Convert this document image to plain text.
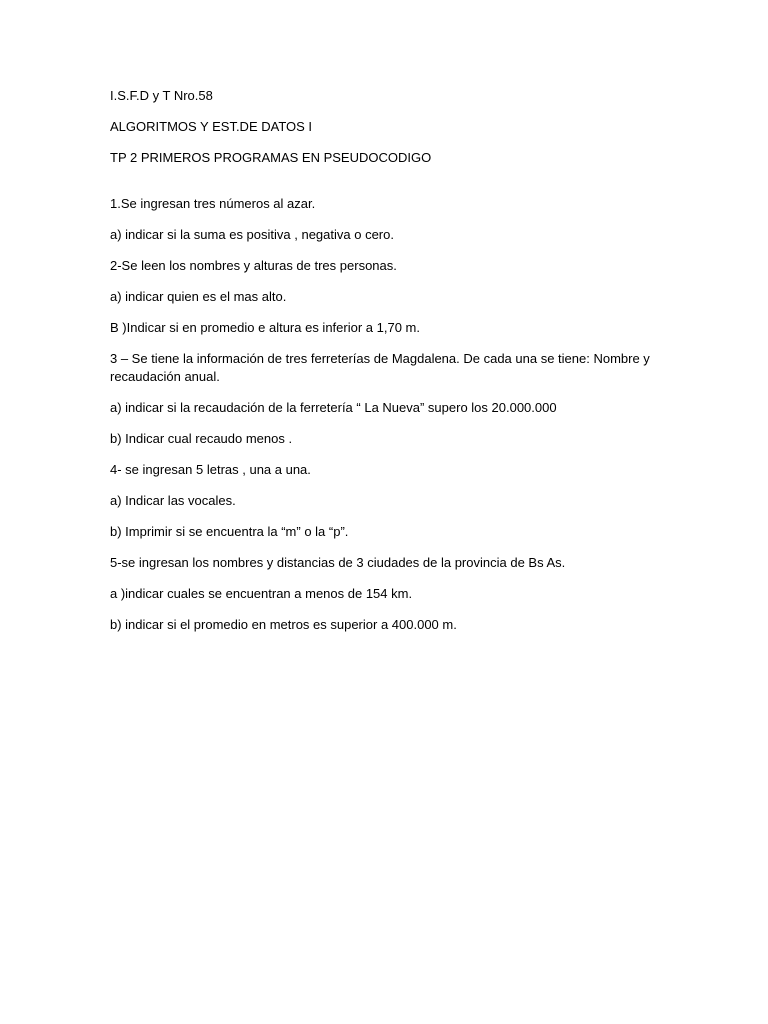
I.S.F.D y T Nro.58

ALGORITMOS Y EST.DE DATOS I

TP 2 PRIMEROS PROGRAMAS EN PSEUDOCODIGO

1.Se ingresan tres números al azar.

a) indicar si la suma es positiva , negativa o cero.

2-Se leen los nombres y alturas de tres personas.

a) indicar quien es el mas alto.

B )Indicar si en promedio e altura es inferior a 1,70 m.

3 – Se tiene la información de tres ferreterías de Magdalena. De cada una se tiene: Nombre y recaudación anual.

a) indicar si la recaudación de la ferretería “ La Nueva” supero los 20.000.000

b) Indicar cual recaudo menos .

4- se ingresan 5 letras , una a una.

a) Indicar las vocales.

b) Imprimir si se encuentra la “m” o la “p”.

5-se ingresan los nombres y distancias de 3 ciudades de la provincia de Bs As.

a )indicar cuales se encuentran a menos de 154 km.

b) indicar si el promedio en metros es superior a 400.000 m.
